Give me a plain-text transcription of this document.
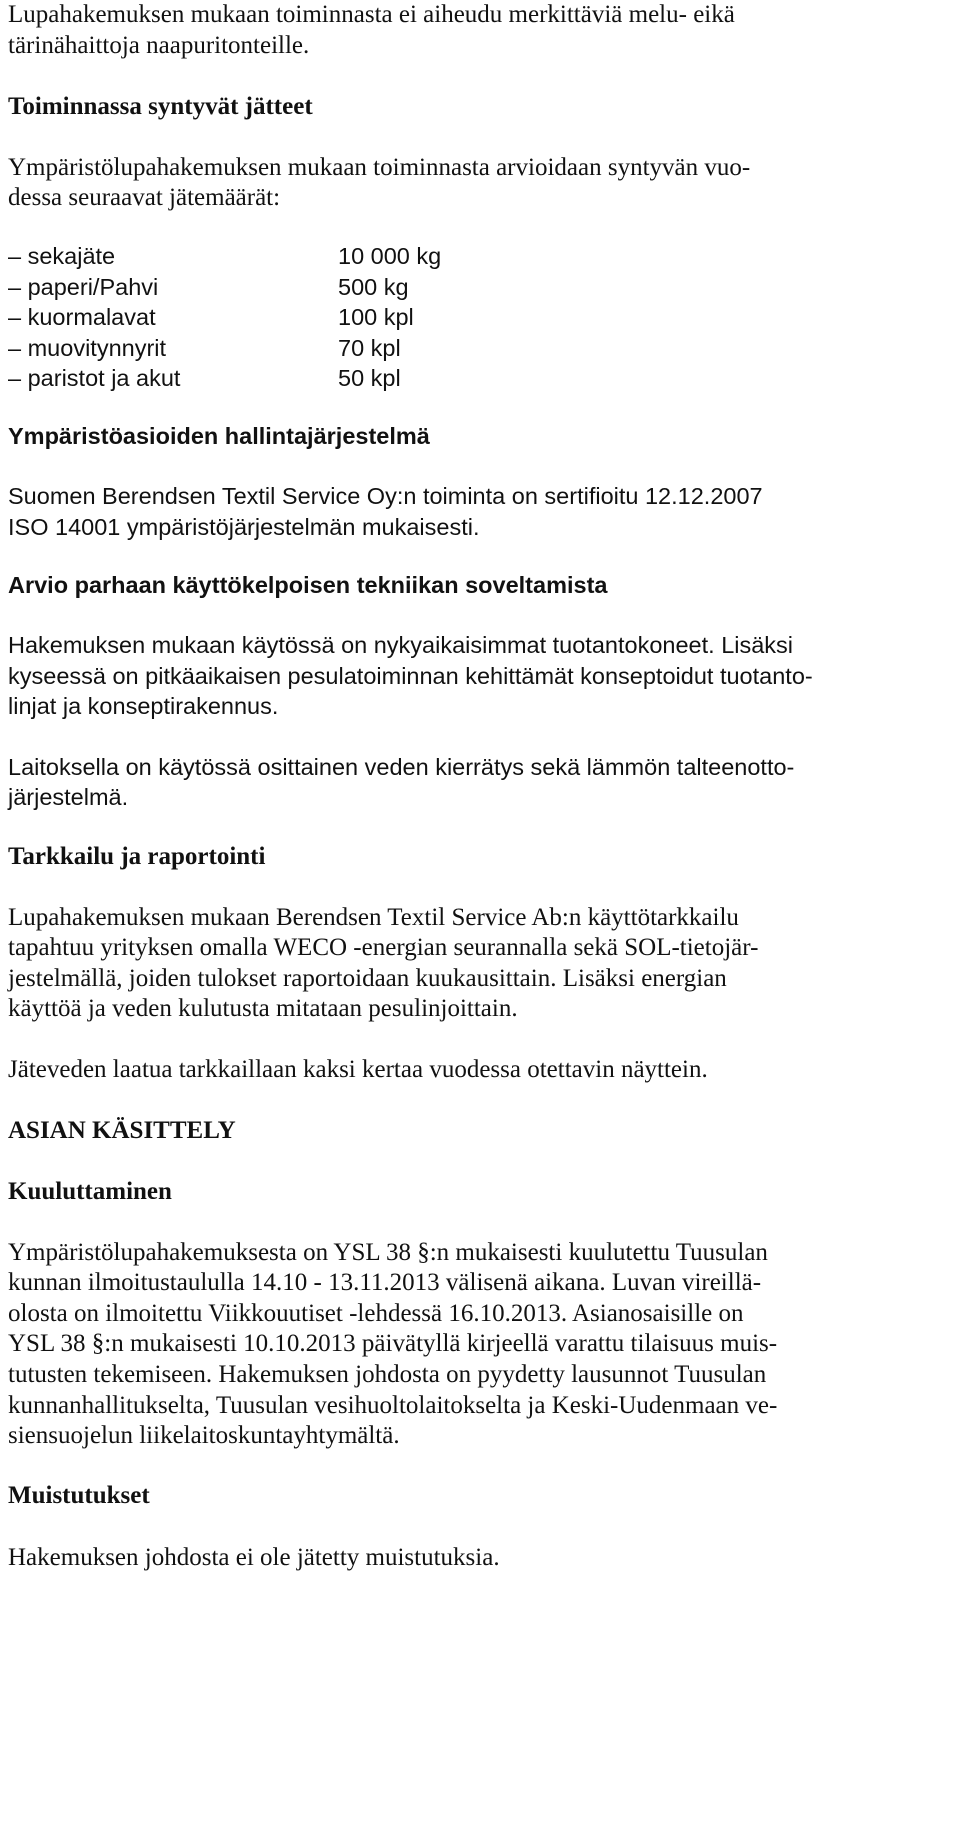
Lupahakemuksen mukaan toiminnasta ei aiheudu merkittäviä melu- eikä
tärinähaittoja naapuritonteille.
Toiminnassa syntyvät jätteet
Ympäristölupahakemuksen mukaan toiminnasta arvioidaan syntyvän vuo-
dessa seuraavat jätemäärät:
– sekajäte	10 000 kg
– paperi/Pahvi	500 kg
– kuormalavat	100 kpl
– muovitynnyrit	70 kpl
– paristot ja akut	50 kpl
Ympäristöasioiden hallintajärjestelmä
Suomen Berendsen Textil Service Oy:n toiminta on sertifioitu 12.12.2007
ISO 14001 ympäristöjärjestelmän mukaisesti.
Arvio parhaan käyttökelpoisen tekniikan soveltamista
Hakemuksen mukaan käytössä on nykyaikaisimmat tuotantokoneet. Lisäksi
kyseessä on pitkäaikaisen pesulatoiminnan kehittämät konseptoidut tuotanto-
linjat ja konseptirakennus.
Laitoksella on käytössä osittainen veden kierrätys sekä lämmön talteenotto-
järjestelmä.
Tarkkailu ja raportointi
Lupahakemuksen mukaan Berendsen Textil Service Ab:n käyttötarkkailu
tapahtuu yrityksen omalla WECO -energian seurannalla sekä SOL-tietojär-
jestelmällä, joiden tulokset raportoidaan kuukausittain. Lisäksi energian
käyttöä ja veden kulutusta mitataan pesulinjoittain.
Jäteveden laatua tarkkaillaan kaksi kertaa vuodessa otettavin näyttein.
ASIAN KÄSITTELY
Kuuluttaminen
Ympäristölupahakemuksesta on YSL 38 §:n mukaisesti kuulutettu Tuusulan
kunnan ilmoitustaululla 14.10 - 13.11.2013 välisenä aikana. Luvan vireillä-
olosta on ilmoitettu Viikkouutiset -lehdessä 16.10.2013. Asianosaisille on
YSL 38 §:n mukaisesti 10.10.2013 päivätyllä kirjeellä varattu tilaisuus muis-
tutusten tekemiseen. Hakemuksen johdosta on pyydetty lausunnot Tuusulan
kunnanhallitukselta, Tuusulan vesihuoltolaitokselta ja Keski-Uudenmaan ve-
siensuojelun liikelaitoskuntayhtymältä.
Muistutukset
Hakemuksen johdosta ei ole jätetty muistutuksia.
